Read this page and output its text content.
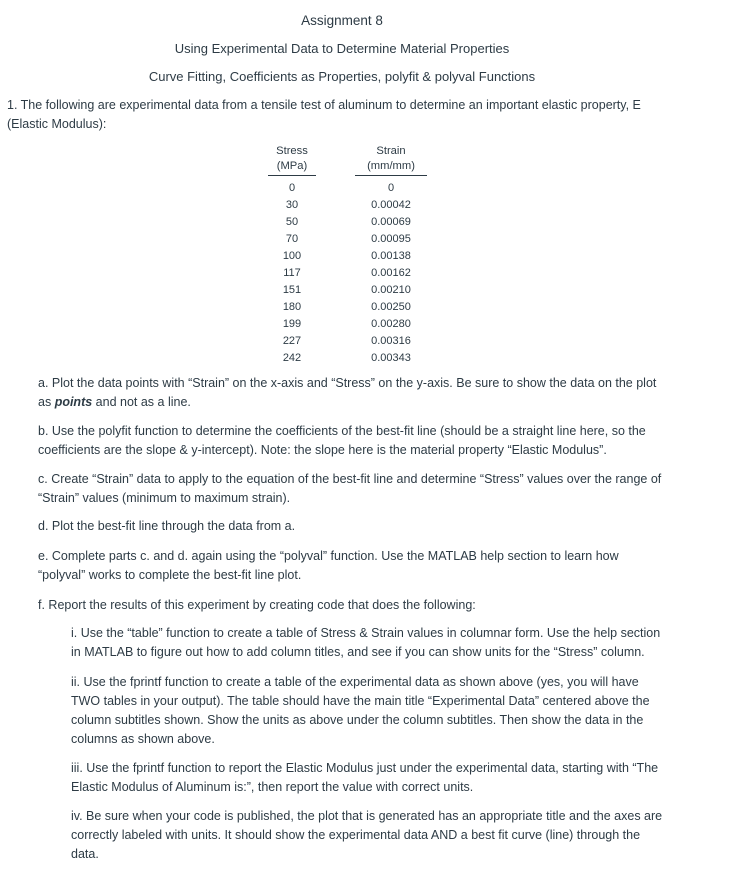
Assignment 8
Using Experimental Data to Determine Material Properties
Curve Fitting, Coefficients as Properties, polyfit & polyval Functions
1. The following are experimental data from a tensile test of aluminum to determine an important elastic property, E
(Elastic Modulus):
Stress
(MPa)
0
30
50
70
100
117
151
180
199
227
242
Strain
(mm/mm)
0
0.00042
0.00069
0.00095
0.00138
0.00162
0.00210
0.00250
0.00280
0.00316
0.00343
a. Plot the data points with “Strain” on the x-axis and “Stress” on the y-axis. Be sure to show the data on the plot
as points and not as a line.
b. Use the polyfit function to determine the coefficients of the best-fit line (should be a straight line here, so the
coefficients are the slope & y-intercept). Note: the slope here is the material property “Elastic Modulus”.
c. Create “Strain” data to apply to the equation of the best-fit line and determine “Stress” values over the range of
“Strain” values (minimum to maximum strain).
d. Plot the best-fit line through the data from a.
e. Complete parts c. and d. again using the “polyval” function. Use the MATLAB help section to learn how
“polyval” works to complete the best-fit line plot.
f. Report the results of this experiment by creating code that does the following:
i. Use the “table” function to create a table of Stress & Strain values in columnar form. Use the help section
in MATLAB to figure out how to add column titles, and see if you can show units for the “Stress” column.
ii. Use the fprintf function to create a table of the experimental data as shown above (yes, you will have
TWO tables in your output). The table should have the main title “Experimental Data” centered above the
column subtitles shown. Show the units as above under the column subtitles. Then show the data in the
columns as shown above.
iii. Use the fprintf function to report the Elastic Modulus just under the experimental data, starting with “The
Elastic Modulus of Aluminum is:”, then report the value with correct units.
iv. Be sure when your code is published, the plot that is generated has an appropriate title and the axes are
correctly labeled with units. It should show the experimental data AND a best fit curve (line) through the
data.
